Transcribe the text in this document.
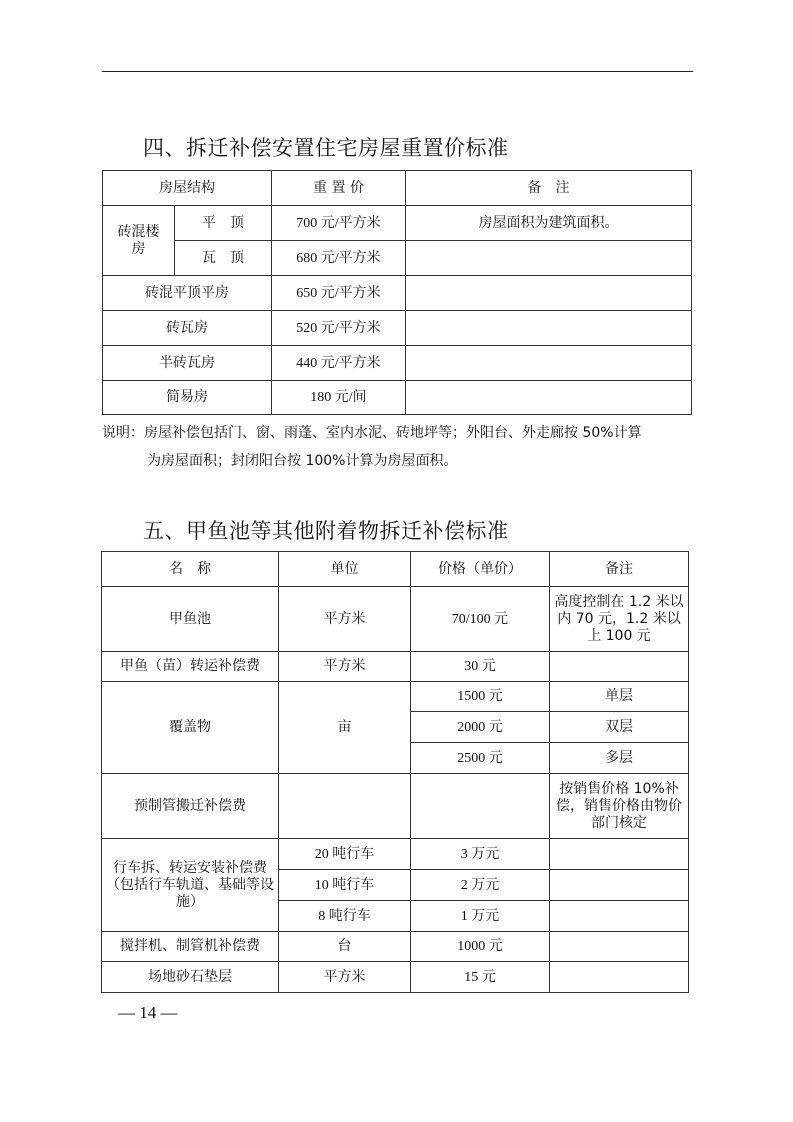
四、拆迁补偿安置住宅房屋重置价标准
房屋结构		重 置 价	备　注
砖混楼房	平　顶	700 元/平方米	房屋面积为建筑面积。
	瓦　顶	680 元/平方米	
砖混平顶平房		650 元/平方米	
砖瓦房		520 元/平方米	
半砖瓦房		440 元/平方米	
简易房		180 元/间	
说明：房屋补偿包括门、窗、雨蓬、室内水泥、砖地坪等；外阳台、外走廊按 50%计算
为房屋面积；封闭阳台按 100%计算为房屋面积。
五、甲鱼池等其他附着物拆迁补偿标准
名　称	单位	价格（单价）	备注
甲鱼池	平方米	70/100 元	高度控制在 1.2 米以内 70 元，1.2 米以上 100 元
甲鱼（苗）转运补偿费	平方米	30 元	
覆盖物	亩	1500 元	单层
		2000 元	双层
		2500 元	多层
预制管搬迁补偿费			按销售价格 10%补偿，销售价格由物价部门核定
行车拆、转运安装补偿费（包括行车轨道、基础等设施）	20 吨行车	3 万元	
	10 吨行车	2 万元	
	8 吨行车	1 万元	
搅拌机、制管机补偿费	台	1000 元	
场地砂石垫层	平方米	15 元	
— 14 —
